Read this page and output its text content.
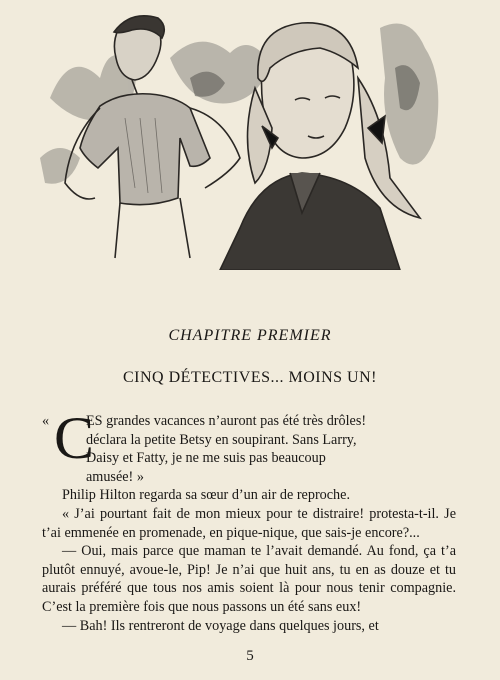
CHAPITRE PREMIER
CINQ DÉTECTIVES... MOINS UN!
« C
ES grandes vacances n’auront pas été très drôles!
déclara la petite Betsy en soupirant. Sans Larry,
Daisy et Fatty, je ne me suis pas beaucoup
amusée! »

Philip Hilton regarda sa sœur d’un air de reproche.

« J’ai pourtant fait de mon mieux pour te distraire! protesta-t-il. Je t’ai emmenée en promenade, en pique-nique, que sais-je encore?...

— Oui, mais parce que maman te l’avait demandé. Au fond, ça t’a plutôt ennuyé, avoue-le, Pip! Je n’ai que huit ans, tu en as douze et tu aurais préféré que tous nos amis soient là pour nous tenir compagnie. C’est la première fois que nous passons un été sans eux!

— Bah! Ils rentreront de voyage dans quelques jours, et

5
